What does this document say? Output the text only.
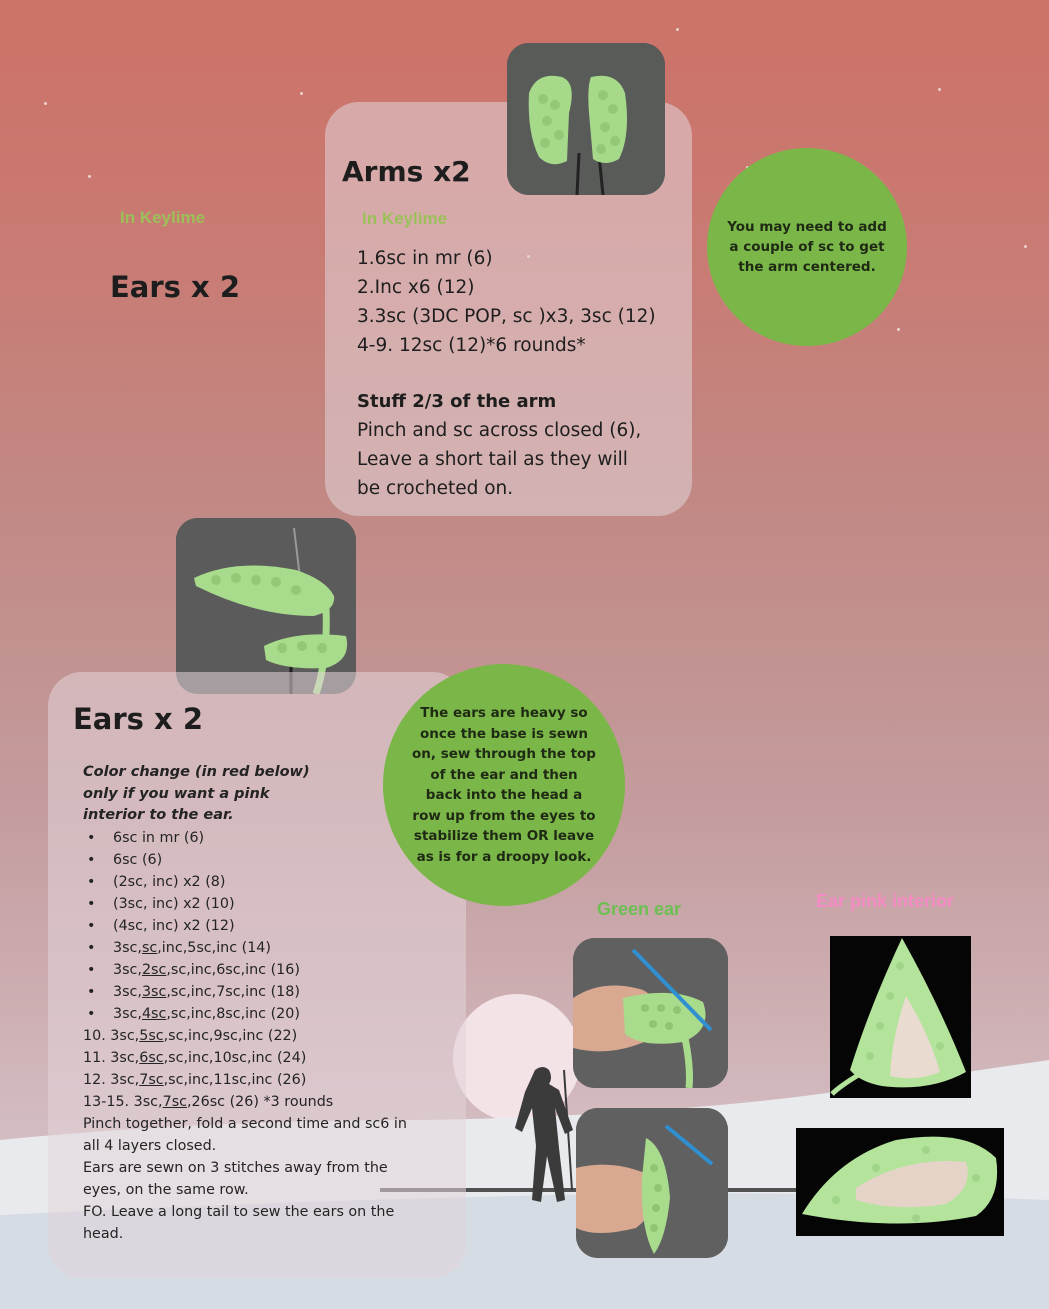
In Keylime
Ears x 2
Arms x2
In Keylime
1.6sc in mr (6)
2.Inc x6 (12)
3.3sc (3DC POP, sc )x3, 3sc (12)
4-9. 12sc (12)*6 rounds*
Stuff 2/3 of the arm
Pinch and sc across closed (6),
Leave a short tail as they will
be crocheted on.
You may need to add a couple of sc to get the arm centered.
Ears x 2
Color change (in red below)
only if you want a pink
interior to the ear.
• 6sc in mr (6)
• 6sc (6)
• (2sc, inc) x2 (8)
• (3sc, inc) x2 (10)
• (4sc, inc) x2 (12)
• 3sc,sc,inc,5sc,inc (14)
• 3sc,2sc,sc,inc,6sc,inc (16)
• 3sc,3sc,sc,inc,7sc,inc (18)
• 3sc,4sc,sc,inc,8sc,inc (20)
10. 3sc,5sc,sc,inc,9sc,inc (22)
11. 3sc,6sc,sc,inc,10sc,inc (24)
12. 3sc,7sc,sc,inc,11sc,inc (26)
13-15. 3sc,7sc,26sc (26) *3 rounds
Pinch together, fold a second time and sc6 in
all 4 layers closed.
Ears are sewn on 3 stitches away from the
eyes, on the same row.
FO. Leave a long tail to sew the ears on the
head.
The ears are heavy so once the base is sewn on, sew through the top of the ear and then back into the head a row up from the eyes to stabilize them OR leave as is for a droopy look.
Green ear	Ear pink interior
